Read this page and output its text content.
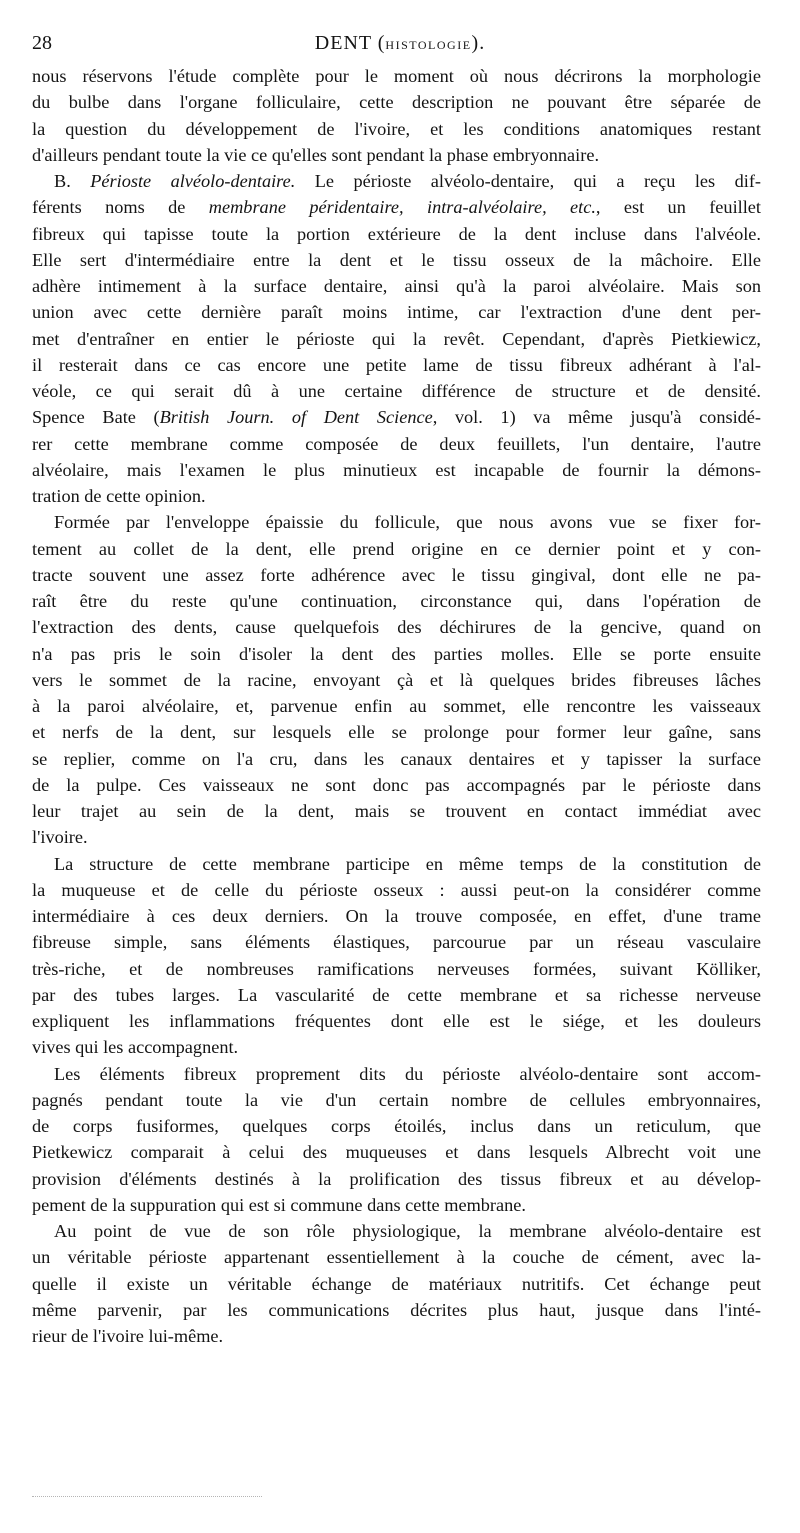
28	DENT (histologie).
nous réservons l'étude complète pour le moment où nous décrirons la morphologie
du bulbe dans l'organe folliculaire, cette description ne pouvant être séparée de
la question du développement de l'ivoire, et les conditions anatomiques restant
d'ailleurs pendant toute la vie ce qu'elles sont pendant la phase embryonnaire.
B. Périoste alvéolo-dentaire. Le périoste alvéolo-dentaire, qui a reçu les dif-
férents noms de membrane péridentaire, intra-alvéolaire, etc., est un feuillet
fibreux qui tapisse toute la portion extérieure de la dent incluse dans l'alvéole.
Elle sert d'intermédiaire entre la dent et le tissu osseux de la mâchoire. Elle
adhère intimement à la surface dentaire, ainsi qu'à la paroi alvéolaire. Mais son
union avec cette dernière paraît moins intime, car l'extraction d'une dent per-
met d'entraîner en entier le périoste qui la revêt. Cependant, d'après Pietkiewicz,
il resterait dans ce cas encore une petite lame de tissu fibreux adhérant à l'al-
véole, ce qui serait dû à une certaine différence de structure et de densité.
Spence Bate (British Journ. of Dent Science, vol. 1) va même jusqu'à considé-
rer cette membrane comme composée de deux feuillets, l'un dentaire, l'autre
alvéolaire, mais l'examen le plus minutieux est incapable de fournir la démons-
tration de cette opinion.
Formée par l'enveloppe épaissie du follicule, que nous avons vue se fixer for-
tement au collet de la dent, elle prend origine en ce dernier point et y con-
tracte souvent une assez forte adhérence avec le tissu gingival, dont elle ne pa-
raît être du reste qu'une continuation, circonstance qui, dans l'opération de
l'extraction des dents, cause quelquefois des déchirures de la gencive, quand on
n'a pas pris le soin d'isoler la dent des parties molles. Elle se porte ensuite
vers le sommet de la racine, envoyant çà et là quelques brides fibreuses lâches
à la paroi alvéolaire, et, parvenue enfin au sommet, elle rencontre les vaisseaux
et nerfs de la dent, sur lesquels elle se prolonge pour former leur gaîne, sans
se replier, comme on l'a cru, dans les canaux dentaires et y tapisser la surface
de la pulpe. Ces vaisseaux ne sont donc pas accompagnés par le périoste dans
leur trajet au sein de la dent, mais se trouvent en contact immédiat avec
l'ivoire.
La structure de cette membrane participe en même temps de la constitution de
la muqueuse et de celle du périoste osseux : aussi peut-on la considérer comme
intermédiaire à ces deux derniers. On la trouve composée, en effet, d'une trame
fibreuse simple, sans éléments élastiques, parcourue par un réseau vasculaire
très-riche, et de nombreuses ramifications nerveuses formées, suivant Kölliker,
par des tubes larges. La vascularité de cette membrane et sa richesse nerveuse
expliquent les inflammations fréquentes dont elle est le siége, et les douleurs
vives qui les accompagnent.
Les éléments fibreux proprement dits du périoste alvéolo-dentaire sont accom-
pagnés pendant toute la vie d'un certain nombre de cellules embryonnaires,
de corps fusiformes, quelques corps étoilés, inclus dans un reticulum, que
Pietkewicz comparait à celui des muqueuses et dans lesquels Albrecht voit une
provision d'éléments destinés à la prolification des tissus fibreux et au dévelop-
pement de la suppuration qui est si commune dans cette membrane.
Au point de vue de son rôle physiologique, la membrane alvéolo-dentaire est
un véritable périoste appartenant essentiellement à la couche de cément, avec la-
quelle il existe un véritable échange de matériaux nutritifs. Cet échange peut
même parvenir, par les communications décrites plus haut, jusque dans l'inté-
rieur de l'ivoire lui-même.
